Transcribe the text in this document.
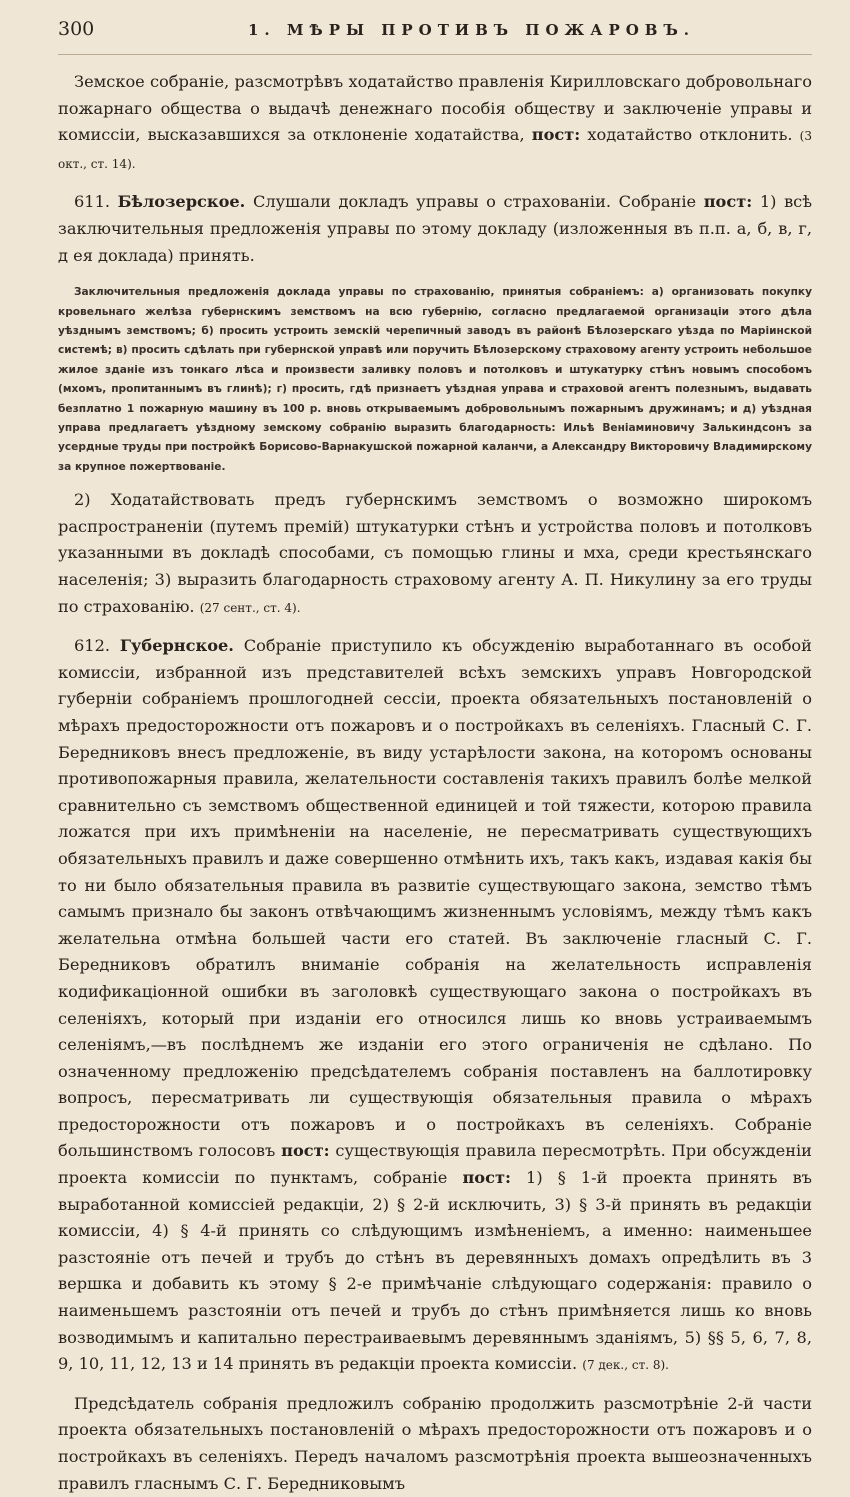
300	1. МѢРЫ ПРОТИВЪ ПОЖАРОВЪ.

Земское собраніе, разсмотрѣвъ ходатайство правленія Кирилловскаго добровольнаго пожарнаго общества о выдачѣ денежнаго пособія обществу и заключеніе управы и комиссіи, высказавшихся за отклоненіе ходатайства, пост: ходатайство отклонить. (3 окт., ст. 14).

611. Бѣлозерское. Слушали докладъ управы о страхованіи. Собраніе пост: 1) всѣ заключительныя предложенія управы по этому докладу (изложенныя въ п.п. а, б, в, г, д ея доклада) принять.

Заключительныя предложенія доклада управы по страхованію, принятыя собраніемъ: а) организовать покупку кровельнаго желѣза губернскимъ земствомъ на всю губернію, согласно предлагаемой организаціи этого дѣла уѣзднымъ земствомъ; б) просить устроить земскій черепичный заводъ въ районѣ Бѣлозерскаго уѣзда по Маріинской системѣ; в) просить сдѣлать при губернской управѣ или поручить Бѣлозерскому страховому агенту устроить небольшое жилое зданіе изъ тонкаго лѣса и произвести заливку половъ и потолковъ и штукатурку стѣнъ новымъ способомъ (мхомъ, пропитаннымъ въ глинѣ); г) просить, гдѣ признаетъ уѣздная управа и страховой агентъ полезнымъ, выдавать безплатно 1 пожарную машину въ 100 р. вновь открываемымъ добровольнымъ пожарнымъ дружинамъ; и д) уѣздная управа предлагаетъ уѣздному земскому собранію выразить благодарность: Ильѣ Веніаминовичу Залькиндсонъ за усердные труды при постройкѣ Борисово-Варнакушской пожарной каланчи, а Александру Викторовичу Владимирскому за крупное пожертвованіе.

2) Ходатайствовать предъ губернскимъ земствомъ о возможно широкомъ распространеніи (путемъ премій) штукатурки стѣнъ и устройства половъ и потолковъ указанными въ докладѣ способами, съ помощью глины и мха, среди крестьянскаго населенія; 3) выразить благодарность страховому агенту А. П. Никулину за его труды по страхованію. (27 сент., ст. 4).

612. Губернское. Собраніе приступило къ обсужденію выработаннаго въ особой комиссіи, избранной изъ представителей всѣхъ земскихъ управъ Новгородской губерніи собраніемъ прошлогодней сессіи, проекта обязательныхъ постановленій о мѣрахъ предосторожности отъ пожаровъ и о постройкахъ въ селеніяхъ. Гласный С. Г. Бередниковъ внесъ предложеніе, въ виду устарѣлости закона, на которомъ основаны противопожарныя правила, желательности составленія такихъ правилъ болѣе мелкой сравнительно съ земствомъ общественной единицей и той тяжести, которою правила ложатся при ихъ примѣненіи на населеніе, не пересматривать существующихъ обязательныхъ правилъ и даже совершенно отмѣнить ихъ, такъ какъ, издавая какія бы то ни было обязательныя правила въ развитіе существующаго закона, земство тѣмъ самымъ признало бы законъ отвѣчающимъ жизненнымъ условіямъ, между тѣмъ какъ желательна отмѣна большей части его статей. Въ заключеніе гласный С. Г. Бередниковъ обратилъ вниманіе собранія на желательность исправленія кодификаціонной ошибки въ заголовкѣ существующаго закона о постройкахъ въ селеніяхъ, который при изданіи его относился лишь ко вновь устраиваемымъ селеніямъ,—въ послѣднемъ же изданіи его этого ограниченія не сдѣлано. По означенному предложенію предсѣдателемъ собранія поставленъ на баллотировку вопросъ, пересматривать ли существующія обязательныя правила о мѣрахъ предосторожности отъ пожаровъ и о постройкахъ въ селеніяхъ. Собраніе большинствомъ голосовъ пост: существующія правила пересмотрѣть. При обсужденіи проекта комиссіи по пунктамъ, собраніе пост: 1) § 1-й проекта принять въ выработанной комиссіей редакціи, 2) § 2-й исключить, 3) § 3-й принять въ редакціи комиссіи, 4) § 4-й принять со слѣдующимъ измѣненіемъ, а именно: наименьшее разстояніе отъ печей и трубъ до стѣнъ въ деревянныхъ домахъ опредѣлить въ 3 вершка и добавить къ этому § 2-е примѣчаніе слѣдующаго содержанія: правило о наименьшемъ разстояніи отъ печей и трубъ до стѣнъ примѣняется лишь ко вновь возводимымъ и капитально перестраиваевымъ деревяннымъ зданіямъ, 5) §§ 5, 6, 7, 8, 9, 10, 11, 12, 13 и 14 принять въ редакціи проекта комиссіи. (7 дек., ст. 8).

Предсѣдатель собранія предложилъ собранію продолжить разсмотрѣніе 2-й части проекта обязательныхъ постановленій о мѣрахъ предосторожности отъ пожаровъ и о постройкахъ въ селеніяхъ. Передъ началомъ разсмотрѣнія проекта вышеозначенныхъ правилъ гласнымъ С. Г. Бередниковымъ
